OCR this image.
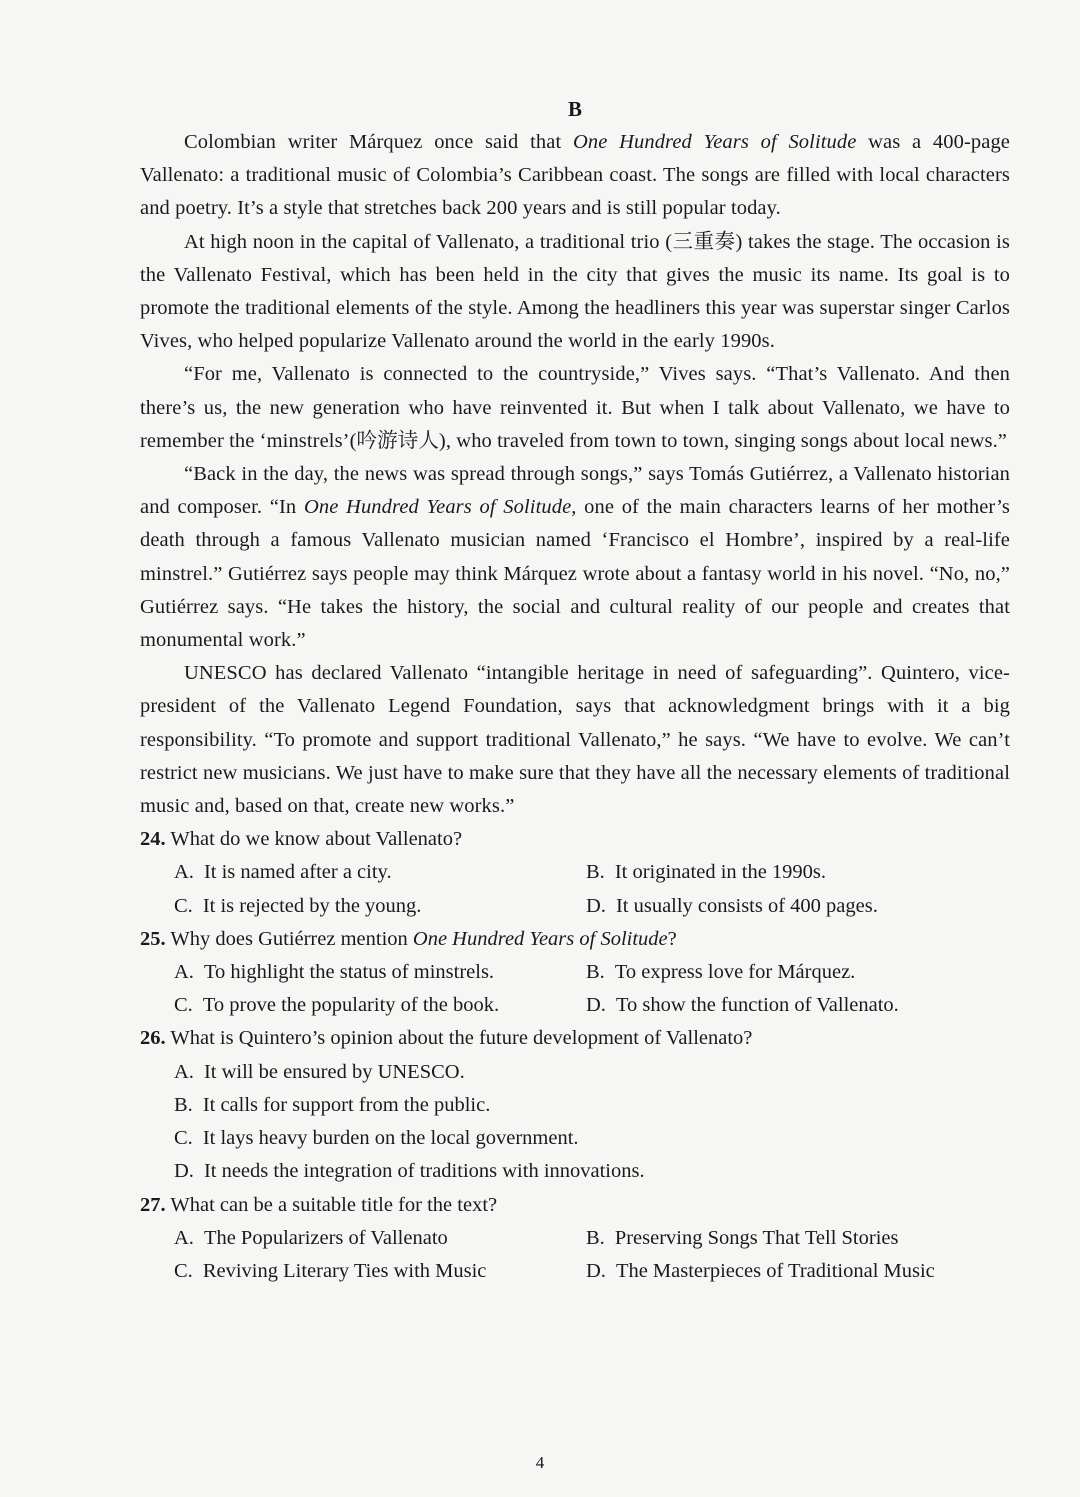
B

Colombian writer Márquez once said that One Hundred Years of Solitude was a 400-page Vallenato: a traditional music of Colombia’s Caribbean coast. The songs are filled with local characters and poetry. It’s a style that stretches back 200 years and is still popular today.

At high noon in the capital of Vallenato, a traditional trio (三重奏) takes the stage. The occasion is the Vallenato Festival, which has been held in the city that gives the music its name. Its goal is to promote the traditional elements of the style. Among the headliners this year was superstar singer Carlos Vives, who helped popularize Vallenato around the world in the early 1990s.

“For me, Vallenato is connected to the countryside,” Vives says. “That’s Vallenato. And then there’s us, the new generation who have reinvented it. But when I talk about Vallenato, we have to remember the ‘minstrels’(吟游诗人), who traveled from town to town, singing songs about local news.”

“Back in the day, the news was spread through songs,” says Tomás Gutiérrez, a Vallenato historian and composer. “In One Hundred Years of Solitude, one of the main characters learns of her mother’s death through a famous Vallenato musician named ‘Francisco el Hombre’, inspired by a real-life minstrel.” Gutiérrez says people may think Márquez wrote about a fantasy world in his novel. “No, no,” Gutiérrez says. “He takes the history, the social and cultural reality of our people and creates that monumental work.”

UNESCO has declared Vallenato “intangible heritage in need of safeguarding”. Quintero, vice-president of the Vallenato Legend Foundation, says that acknowledgment brings with it a big responsibility. “To promote and support traditional Vallenato,” he says. “We have to evolve. We can’t restrict new musicians. We just have to make sure that they have all the necessary elements of traditional music and, based on that, create new works.”

24. What do we know about Vallenato?

A. It is named after a city.	B. It originated in the 1990s.
C. It is rejected by the young.	D. It usually consists of 400 pages.

25. Why does Gutiérrez mention One Hundred Years of Solitude?

A. To highlight the status of minstrels.	B. To express love for Márquez.
C. To prove the popularity of the book.	D. To show the function of Vallenato.

26. What is Quintero’s opinion about the future development of Vallenato?

A. It will be ensured by UNESCO.
B. It calls for support from the public.
C. It lays heavy burden on the local government.
D. It needs the integration of traditions with innovations.

27. What can be a suitable title for the text?

A. The Popularizers of Vallenato	B. Preserving Songs That Tell Stories
C. Reviving Literary Ties with Music	D. The Masterpieces of Traditional Music
4
